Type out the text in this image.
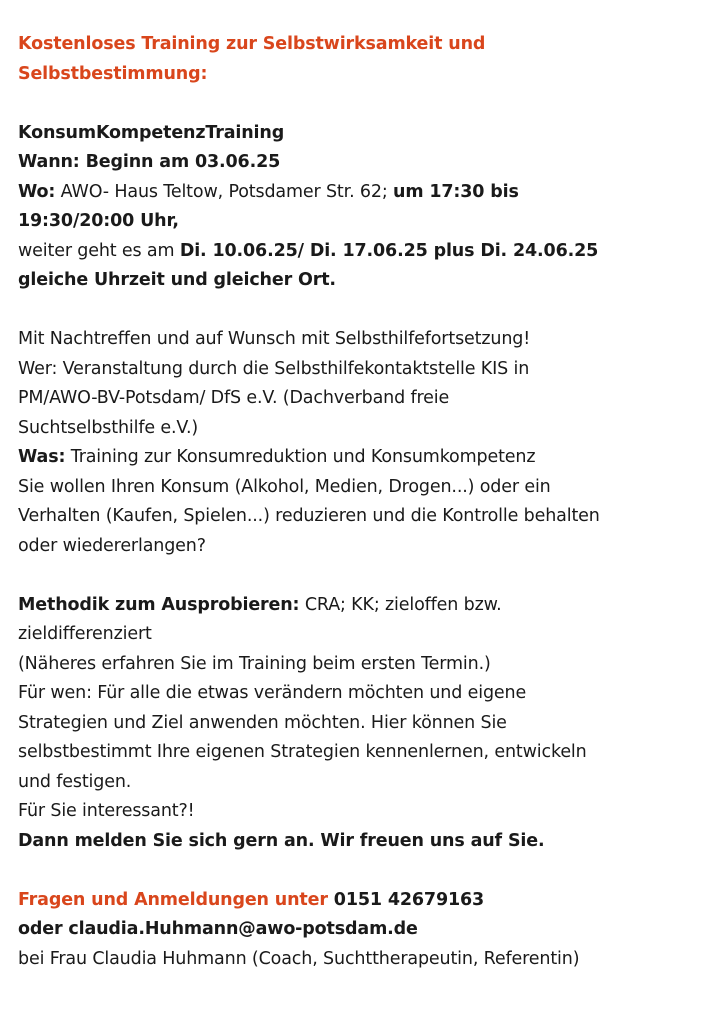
Kostenloses Training zur Selbstwirksamkeit und
Selbstbestimmung:

KonsumKompetenzTraining
Wann: Beginn am 03.06.25
Wo: AWO- Haus Teltow, Potsdamer Str. 62; um 17:30 bis
19:30/20:00 Uhr,
weiter geht es am Di. 10.06.25/ Di. 17.06.25 plus Di. 24.06.25
gleiche Uhrzeit und gleicher Ort.

Mit Nachtreffen und auf Wunsch mit Selbsthilfefortsetzung!
Wer: Veranstaltung durch die Selbsthilfekontaktstelle KIS in
PM/AWO-BV-Potsdam/ DfS e.V. (Dachverband freie
Suchtselbsthilfe e.V.)
Was: Training zur Konsumreduktion und Konsumkompetenz
Sie wollen Ihren Konsum (Alkohol, Medien, Drogen...) oder ein
Verhalten (Kaufen, Spielen...) reduzieren und die Kontrolle behalten
oder wiedererlangen?

Methodik zum Ausprobieren: CRA; KK; zieloffen bzw.
zieldifferenziert
(Näheres erfahren Sie im Training beim ersten Termin.)
Für wen: Für alle die etwas verändern möchten und eigene
Strategien und Ziel anwenden möchten. Hier können Sie
selbstbestimmt Ihre eigenen Strategien kennenlernen, entwickeln
und festigen.
Für Sie interessant?!
Dann melden Sie sich gern an. Wir freuen uns auf Sie.

Fragen und Anmeldungen unter 0151 42679163
oder claudia.Huhmann@awo-potsdam.de
bei Frau Claudia Huhmann (Coach, Suchttherapeutin, Referentin)
